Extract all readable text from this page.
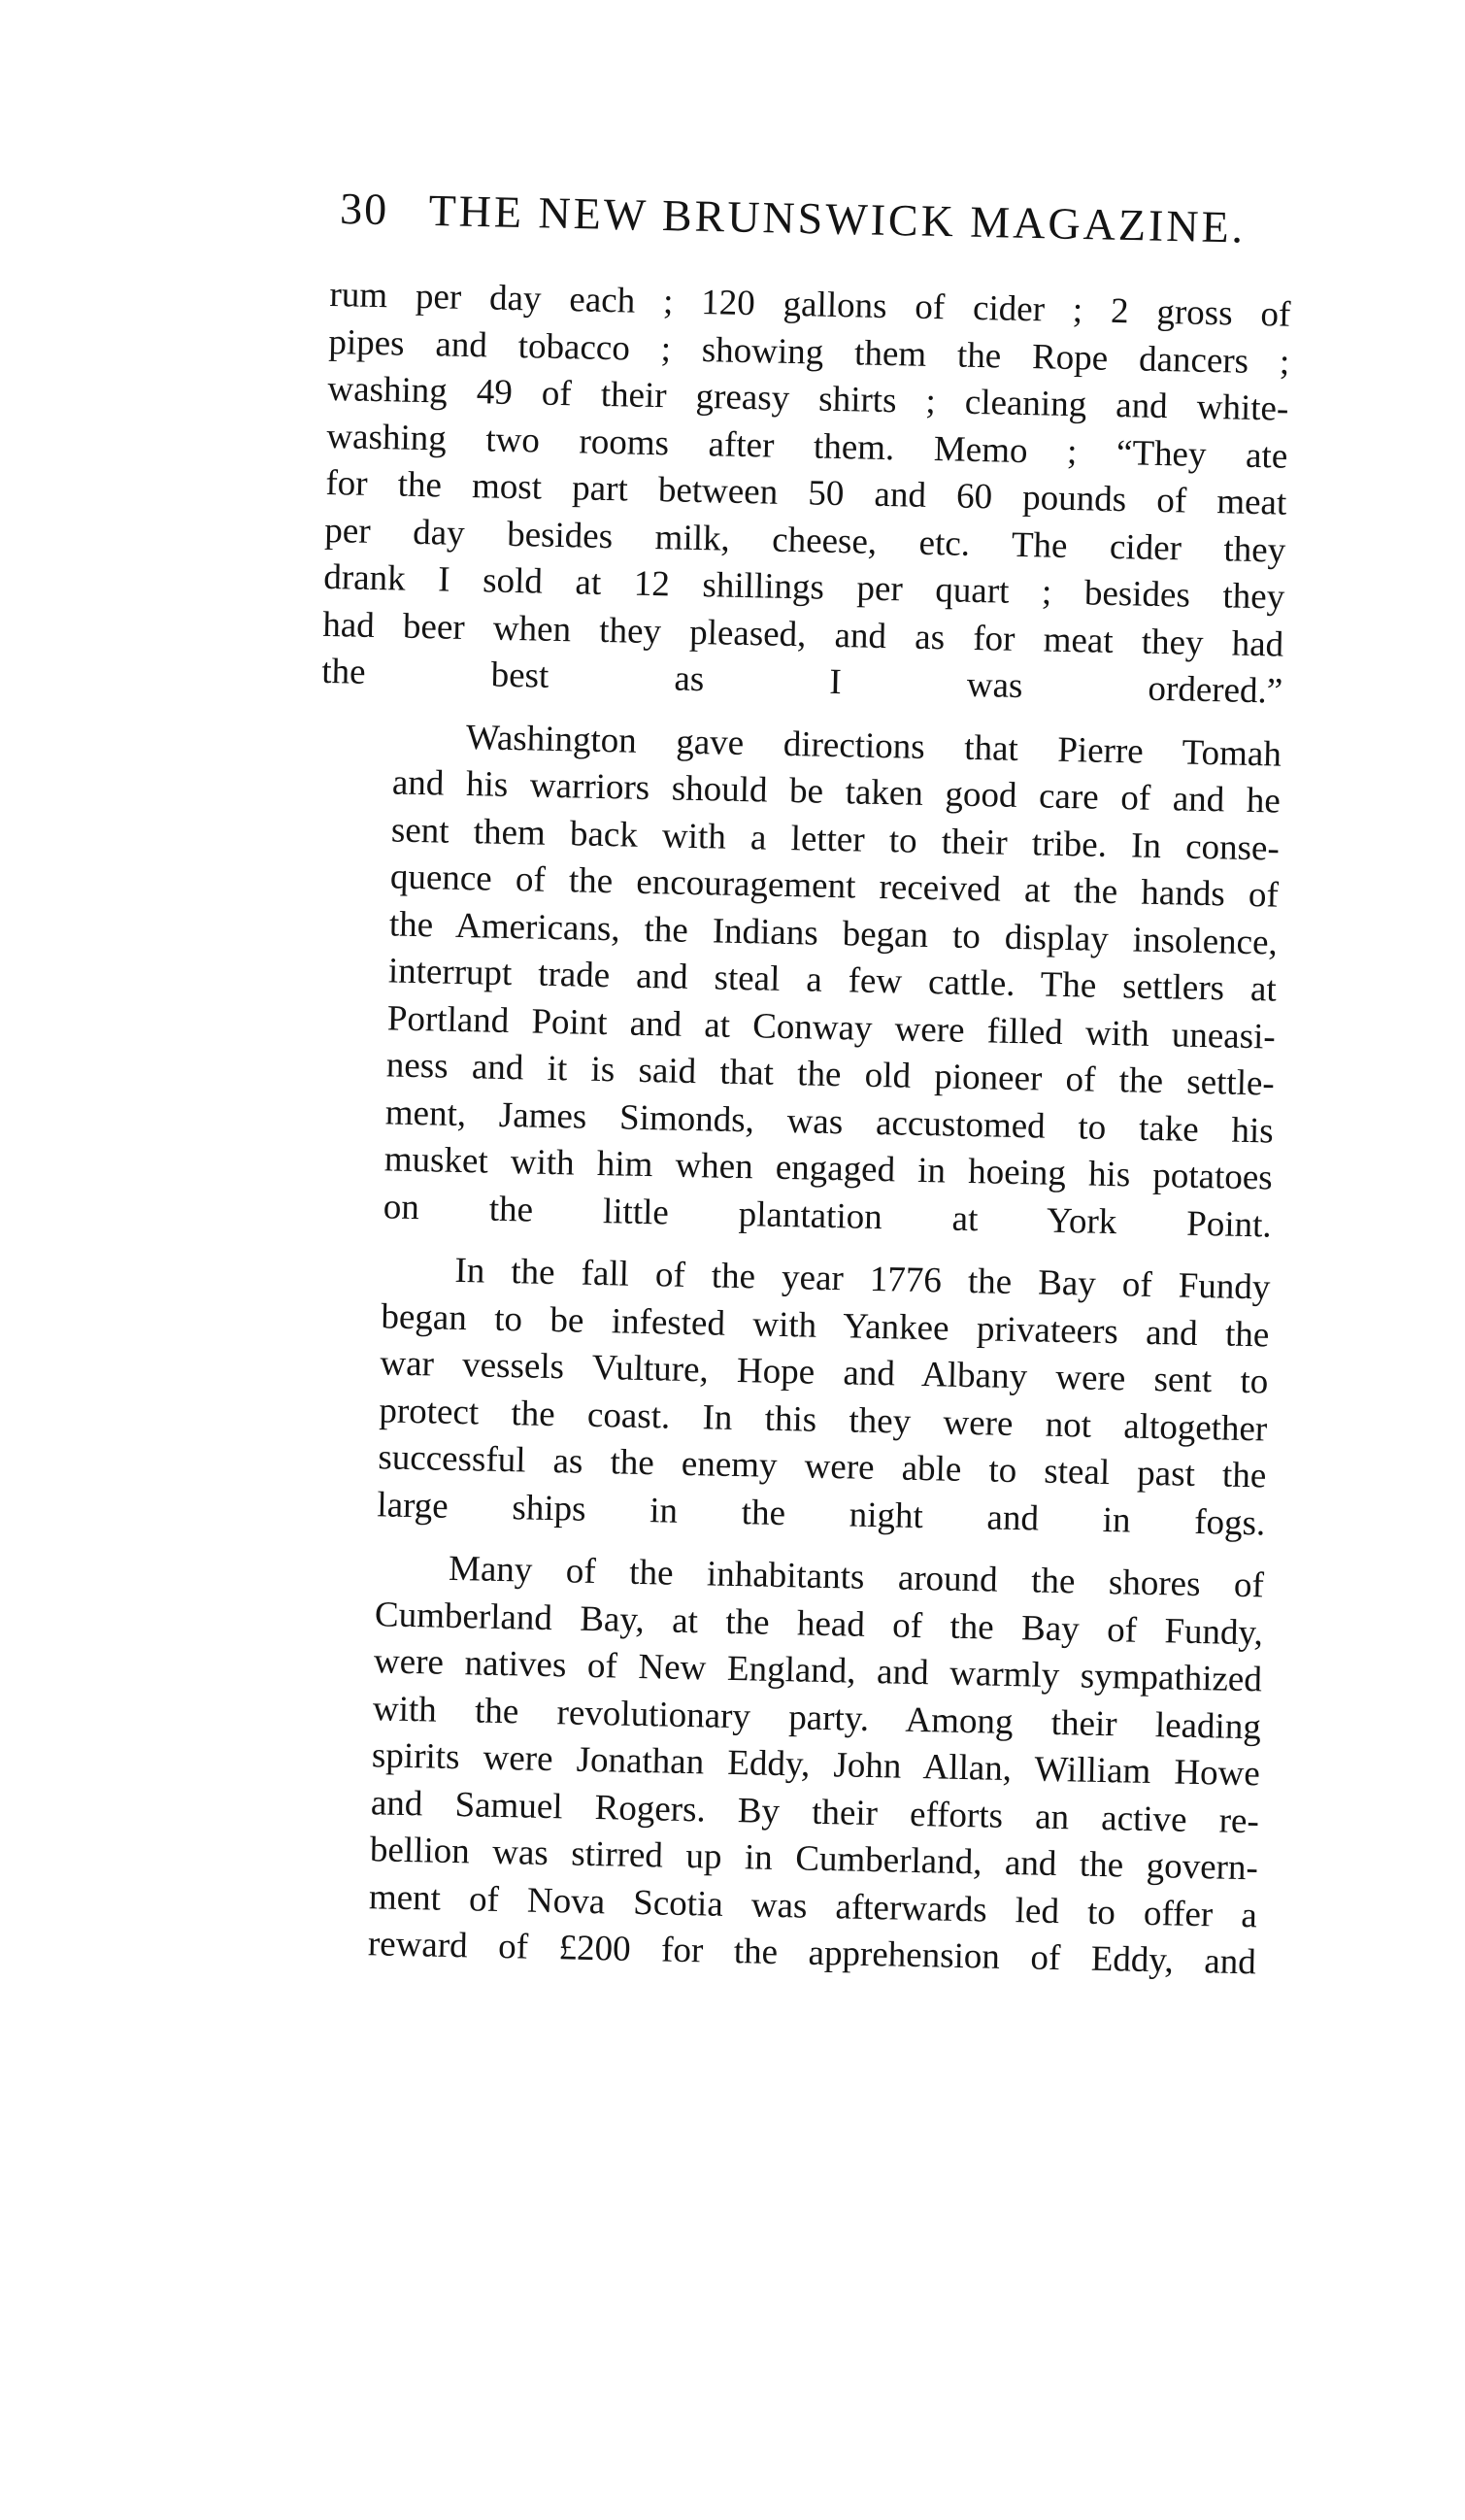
30 THE NEW BRUNSWICK MAGAZINE.

rum per day each ; 120 gallons of cider ; 2 gross of
pipes and tobacco ; showing them the Rope dancers ;
washing 49 of their greasy shirts ; cleaning and white-
washing two rooms after them. Memo ; “They ate
for the most part between 50 and 60 pounds of meat
per day besides milk, cheese, etc. The cider they
drank I sold at 12 shillings per quart ; besides they
had beer when they pleased, and as for meat they had
the best as I was ordered.”

Washington gave directions that Pierre Tomah
and his warriors should be taken good care of and he
sent them back with a letter to their tribe. In conse-
quence of the encouragement received at the hands of
the Americans, the Indians began to display insolence,
interrupt trade and steal a few cattle. The settlers at
Portland Point and at Conway were filled with uneasi-
ness and it is said that the old pioneer of the settle-
ment, James Simonds, was accustomed to take his
musket with him when engaged in hoeing his potatoes
on the little plantation at York Point.

In the fall of the year 1776 the Bay of Fundy
began to be infested with Yankee privateers and the
war vessels Vulture, Hope and Albany were sent to
protect the coast. In this they were not altogether
successful as the enemy were able to steal past the
large ships in the night and in fogs.

Many of the inhabitants around the shores of
Cumberland Bay, at the head of the Bay of Fundy,
were natives of New England, and warmly sympathized
with the revolutionary party. Among their leading
spirits were Jonathan Eddy, John Allan, William Howe
and Samuel Rogers. By their efforts an active re-
bellion was stirred up in Cumberland, and the govern-
ment of Nova Scotia was afterwards led to offer a
reward of £200 for the apprehension of Eddy, and
